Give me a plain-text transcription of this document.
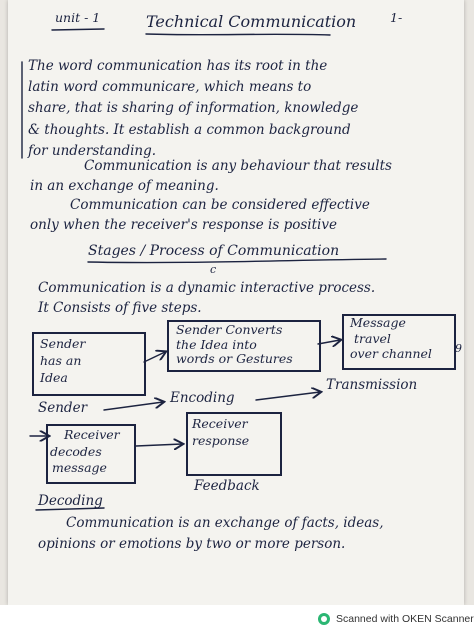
unit - 1	Technical Communication	1-
The word communication has its root in the
latin word communicare, which means to
share, that is sharing of information, knowledge
& thoughts. It establish a common background
for understanding.
Communication is any behaviour that results
in an exchange of meaning.
Communication can be considered effective
only when the receiver's response is positive
Stages / Process of Communication
c
Communication is a dynamic interactive process.
It Consists of five steps.
Sender
has an
Idea
Sender Converts
the Idea into
words or Gestures
Message
travel
over channel 9
Sender
Encoding
Transmission
Receiver
decodes
message
Receiver
response
Decoding
Feedback
Communication is an exchange of facts, ideas,
opinions or emotions by two or more person.
Scanned with OKEN Scanner
